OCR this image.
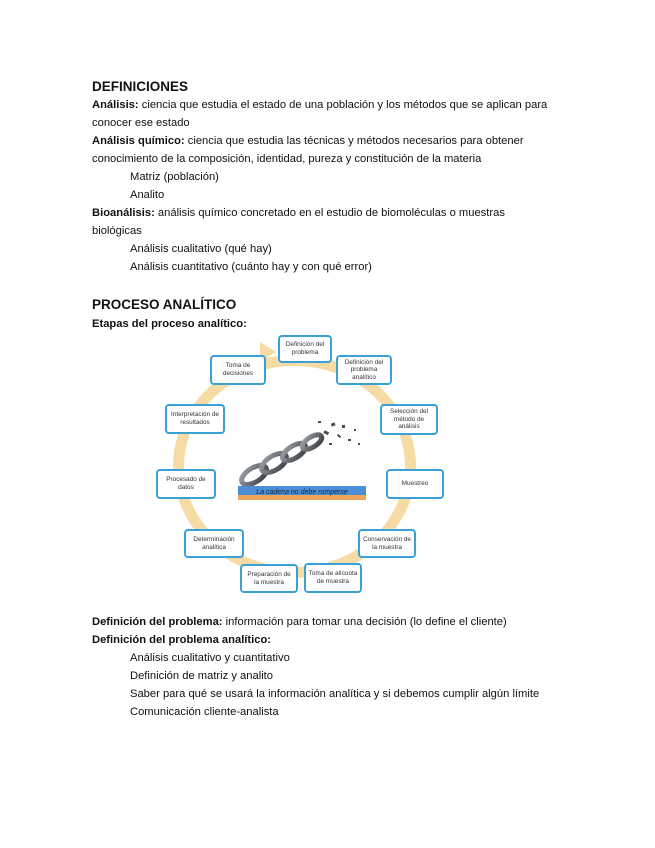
DEFINICIONES
Análisis: ciencia que estudia el estado de una población y los métodos que se aplican para
conocer ese estado
Análisis químico: ciencia que estudia las técnicas y métodos necesarios para obtener
conocimiento de la composición, identidad, pureza y constitución de la materia
Matriz (población)
Analito
Bioanálisis: análisis químico concretado en el estudio de biomoléculas o muestras
biológicas
Análisis cualitativo (qué hay)
Análisis cuantitativo (cuánto hay y con qué error)
PROCESO ANALÍTICO
Etapas del proceso analítico:
La cadena no debe romperse
Definición del problema
Definición del problema analítico
Selección del método de análisis
Muestreo
Conservación de la muestra
Toma de alícuota de muestra
Preparación de la muestra
Determinación analítica
Procesado de datos
Interpretación de resultados
Toma de decisiones
Definición del problema: información para tomar una decisión (lo define el cliente)
Definición del problema analítico:
Análisis cualitativo y cuantitativo
Definición de matriz y analito
Saber para qué se usará la información analítica y si debemos cumplir algún límite
Comunicación cliente-analista
